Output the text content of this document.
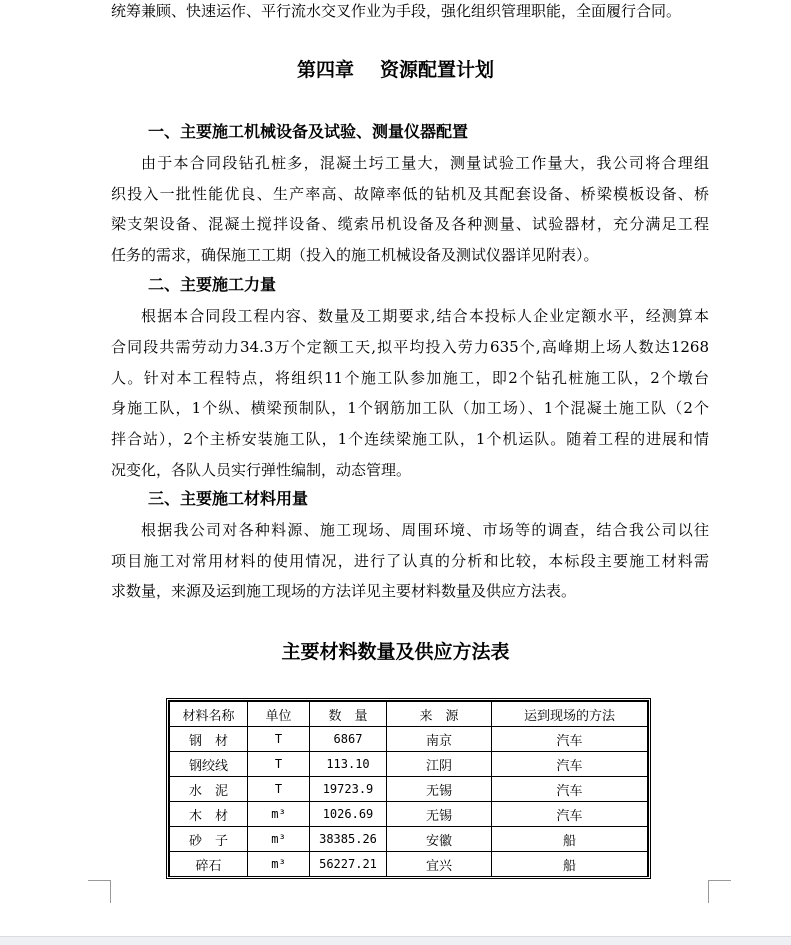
统筹兼顾、快速运作、平行流水交叉作业为手段，强化组织管理职能，全面履行合同。
第四章 资源配置计划
一、主要施工机械设备及试验、测量仪器配置
由于本合同段钻孔桩多，混凝土圬工量大，测量试验工作量大，我公司将合理组
织投入一批性能优良、生产率高、故障率低的钻机及其配套设备、桥梁模板设备、桥
梁支架设备、混凝土搅拌设备、缆索吊机设备及各种测量、试验器材，充分满足工程
任务的需求，确保施工工期（投入的施工机械设备及测试仪器详见附表）。
二、主要施工力量
根据本合同段工程内容、数量及工期要求,结合本投标人企业定额水平，经测算本
合同段共需劳动力34.3万个定额工天,拟平均投入劳力635个,高峰期上场人数达1268
人。针对本工程特点，将组织11个施工队参加施工，即2个钻孔桩施工队，2个墩台
身施工队，1个纵、横梁预制队，1个钢筋加工队（加工场）、1个混凝土施工队（2个
拌合站），2个主桥安装施工队，1个连续梁施工队，1个机运队。随着工程的进展和情
况变化，各队人员实行弹性编制，动态管理。
三、主要施工材料用量
根据我公司对各种料源、施工现场、周围环境、市场等的调查，结合我公司以往
项目施工对常用材料的使用情况，进行了认真的分析和比较，本标段主要施工材料需
求数量，来源及运到施工现场的方法详见主要材料数量及供应方法表。
主要材料数量及供应方法表
材料名称	单位	数　量	来　源	运到现场的方法
钢　材	T	6867	南京	汽车
钢绞线	T	113.10	江阴	汽车
水　泥	T	19723.9	无锡	汽车
木　材	m³	1026.69	无锡	汽车
砂　子	m³	38385.26	安徽	船
碎石	m³	56227.21	宜兴	船
